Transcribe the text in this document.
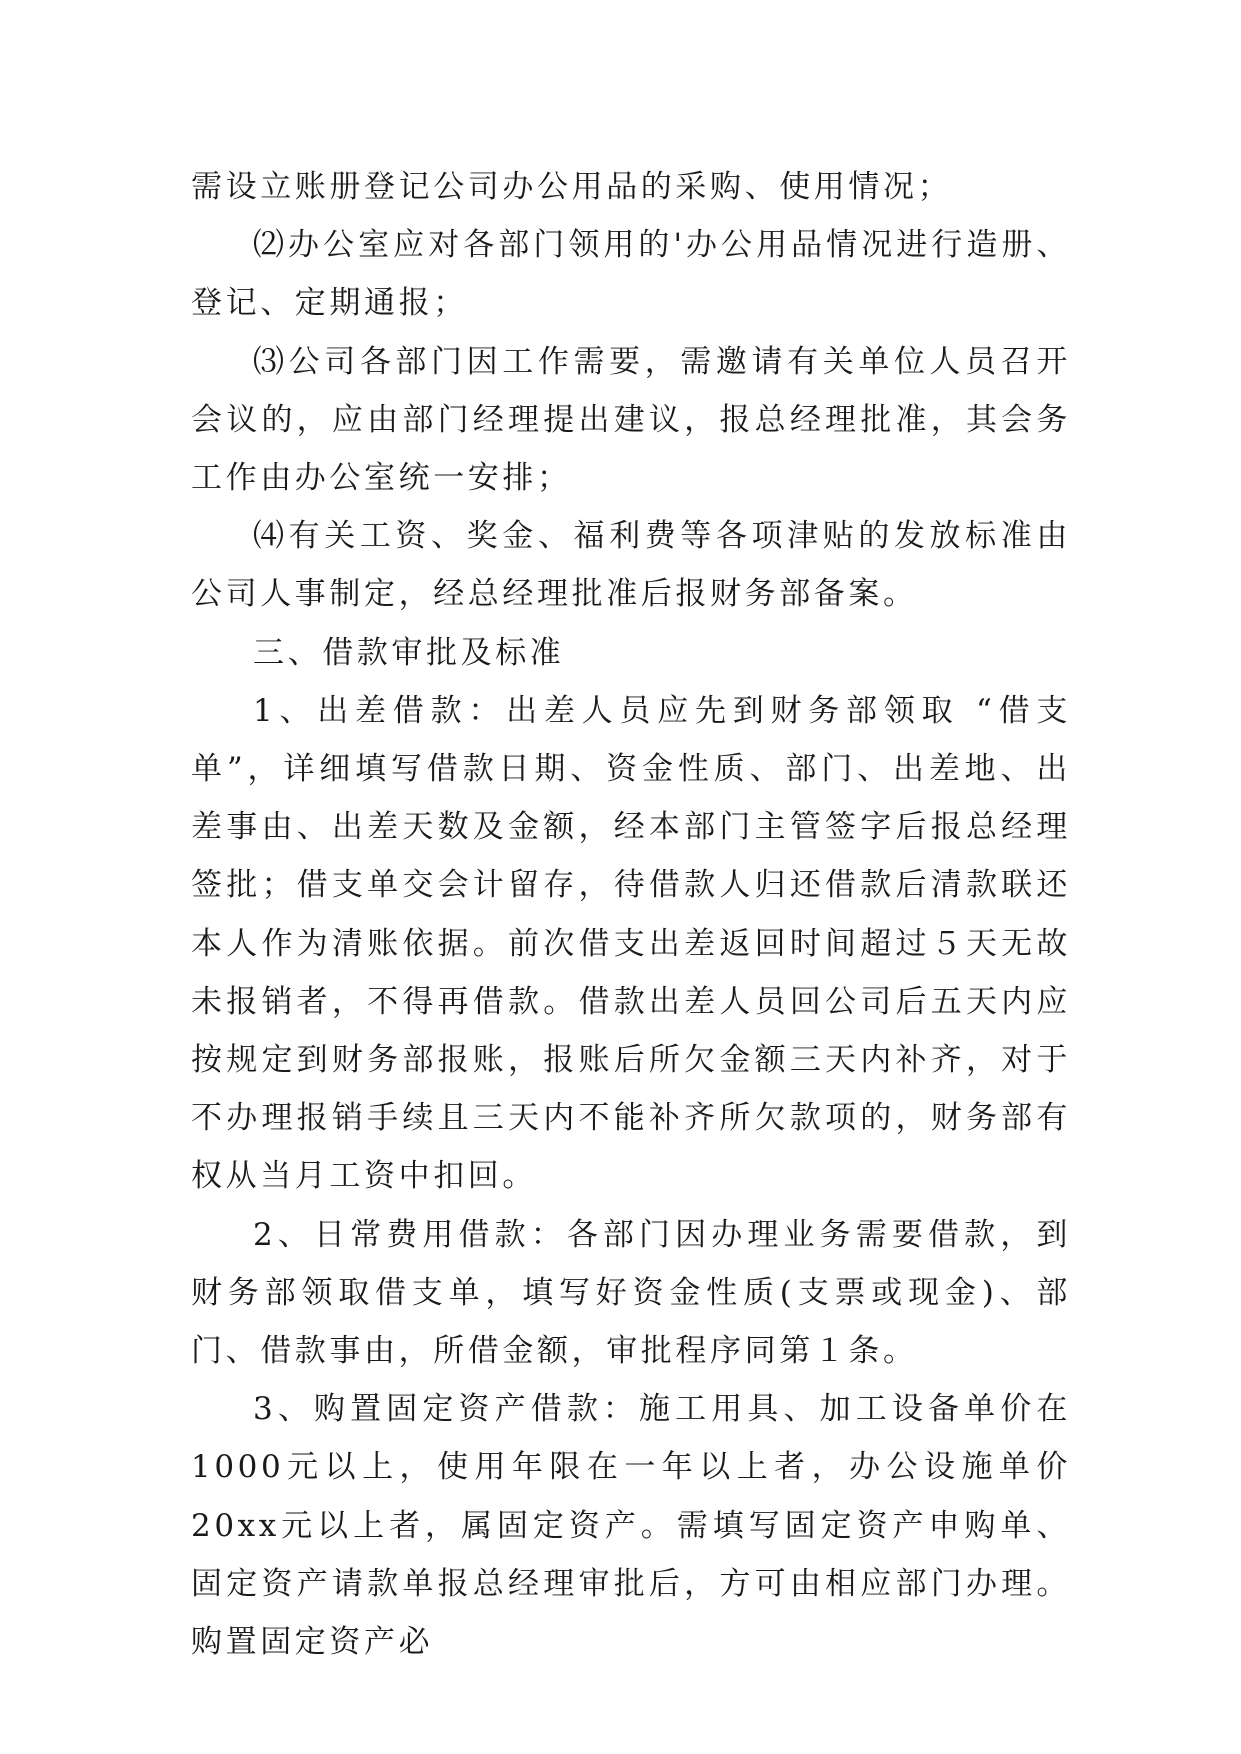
需设立账册登记公司办公用品的采购、使用情况；

⑵办公室应对各部门领用的'办公用品情况进行造册、登记、定期通报；

⑶公司各部门因工作需要，需邀请有关单位人员召开会议的，应由部门经理提出建议，报总经理批准，其会务工作由办公室统一安排；

⑷有关工资、奖金、福利费等各项津贴的发放标准由公司人事制定，经总经理批准后报财务部备案。

三、借款审批及标准

1、出差借款：出差人员应先到财务部领取 “借支单”，详细填写借款日期、资金性质、部门、出差地、出差事由、出差天数及金额，经本部门主管签字后报总经理签批；借支单交会计留存，待借款人归还借款后清款联还本人作为清账依据。前次借支出差返回时间超过５天无故未报销者，不得再借款。借款出差人员回公司后五天内应按规定到财务部报账，报账后所欠金额三天内补齐，对于不办理报销手续且三天内不能补齐所欠款项的，财务部有权从当月工资中扣回。

2、日常费用借款：各部门因办理业务需要借款，到财务部领取借支单，填写好资金性质(支票或现金)、部门、借款事由，所借金额，审批程序同第１条。

3、购置固定资产借款：施工用具、加工设备单价在1000元以上，使用年限在一年以上者，办公设施单价20xx元以上者，属固定资产。需填写固定资产申购单、固定资产请款单报总经理审批后，方可由相应部门办理。购置固定资产必
